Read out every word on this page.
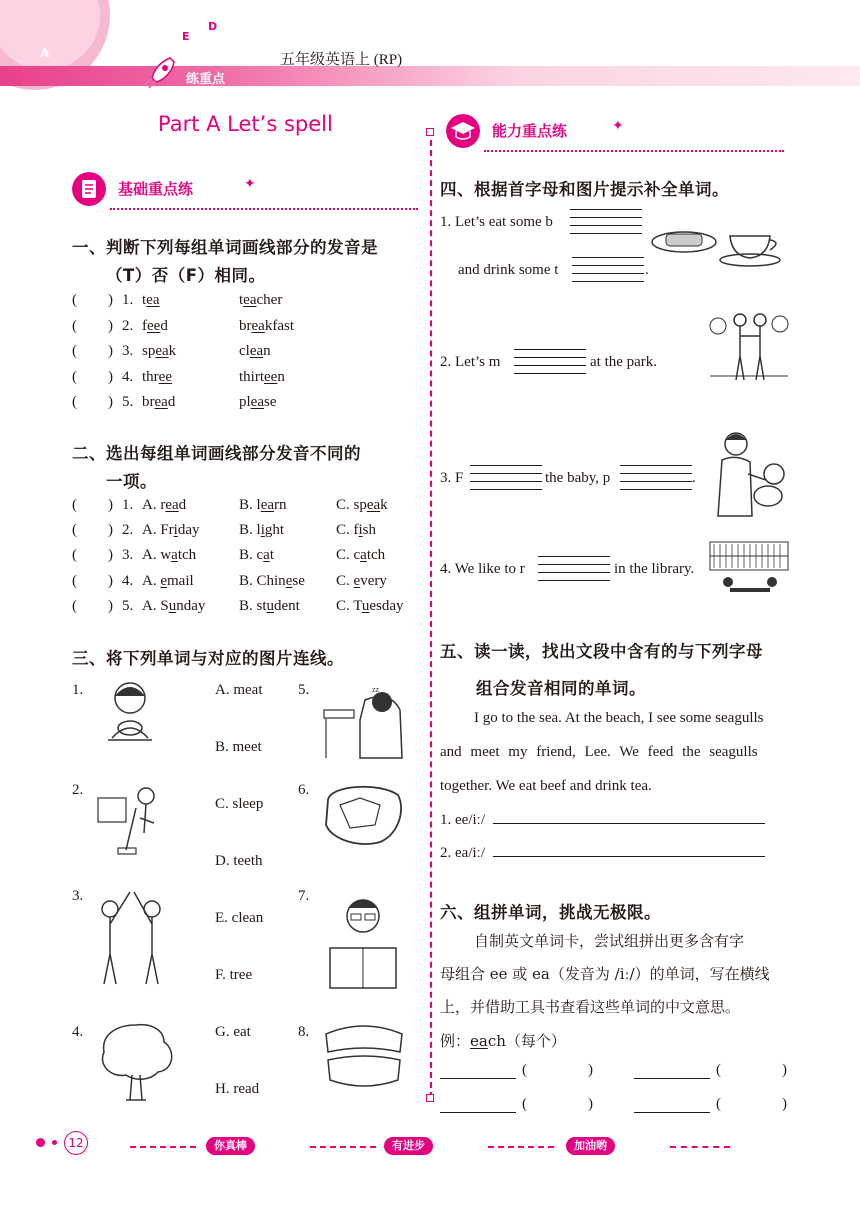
A
D
E
练重点
五年级英语上 (RP)
Part A Let’s spell
基础重点练	✦
一、判断下列每组单词画线部分的发音是
（T）否（F）相同。
( ) 1. tea	teacher
( ) 2. feed	breakfast
( ) 3. speak	clean
( ) 4. three	thirteen
( ) 5. bread	please
二、选出每组单词画线部分发音不同的
一项。
( ) 1. A. read	B. learn	C. speak
( ) 2. A. Friday	B. light	C. fish
( ) 3. A. watch	B. cat	C. catch
( ) 4. A. email	B. Chinese C. every
( ) 5. A. Sunday B. student C. Tuesday
三、将下列单词与对应的图片连线。
1.
2.
3.
4.
5.
6.
7.
8.
zz
A. meat
B. meet
C. sleep
D. teeth
E. clean
F. tree
G. eat
H. read
能力重点练	✦
四、根据首字母和图片提示补全单词。
1. Let’s eat some b
and drink some t	.
2. Let’s m	at the park.
3. F	the baby, p	.
4. We like to r	in the library.
五、读一读，找出文段中含有的与下列字母
组合发音相同的单词。
I go to the sea. At the beach, I see some seagulls
and meet my friend, Lee. We feed the seagulls
together. We eat beef and drink tea.
1. ee/iː/
2. ea/iː/
六、组拼单词，挑战无极限。
自制英文单词卡，尝试组拼出更多含有字
母组合 ee 或 ea（发音为 /iː/）的单词，写在横线
上，并借助工具书查看这些单词的中文意思。
例：each（每个）
(	)	(	)
(	)	(	)
12	你真棒	有进步	加油哟
